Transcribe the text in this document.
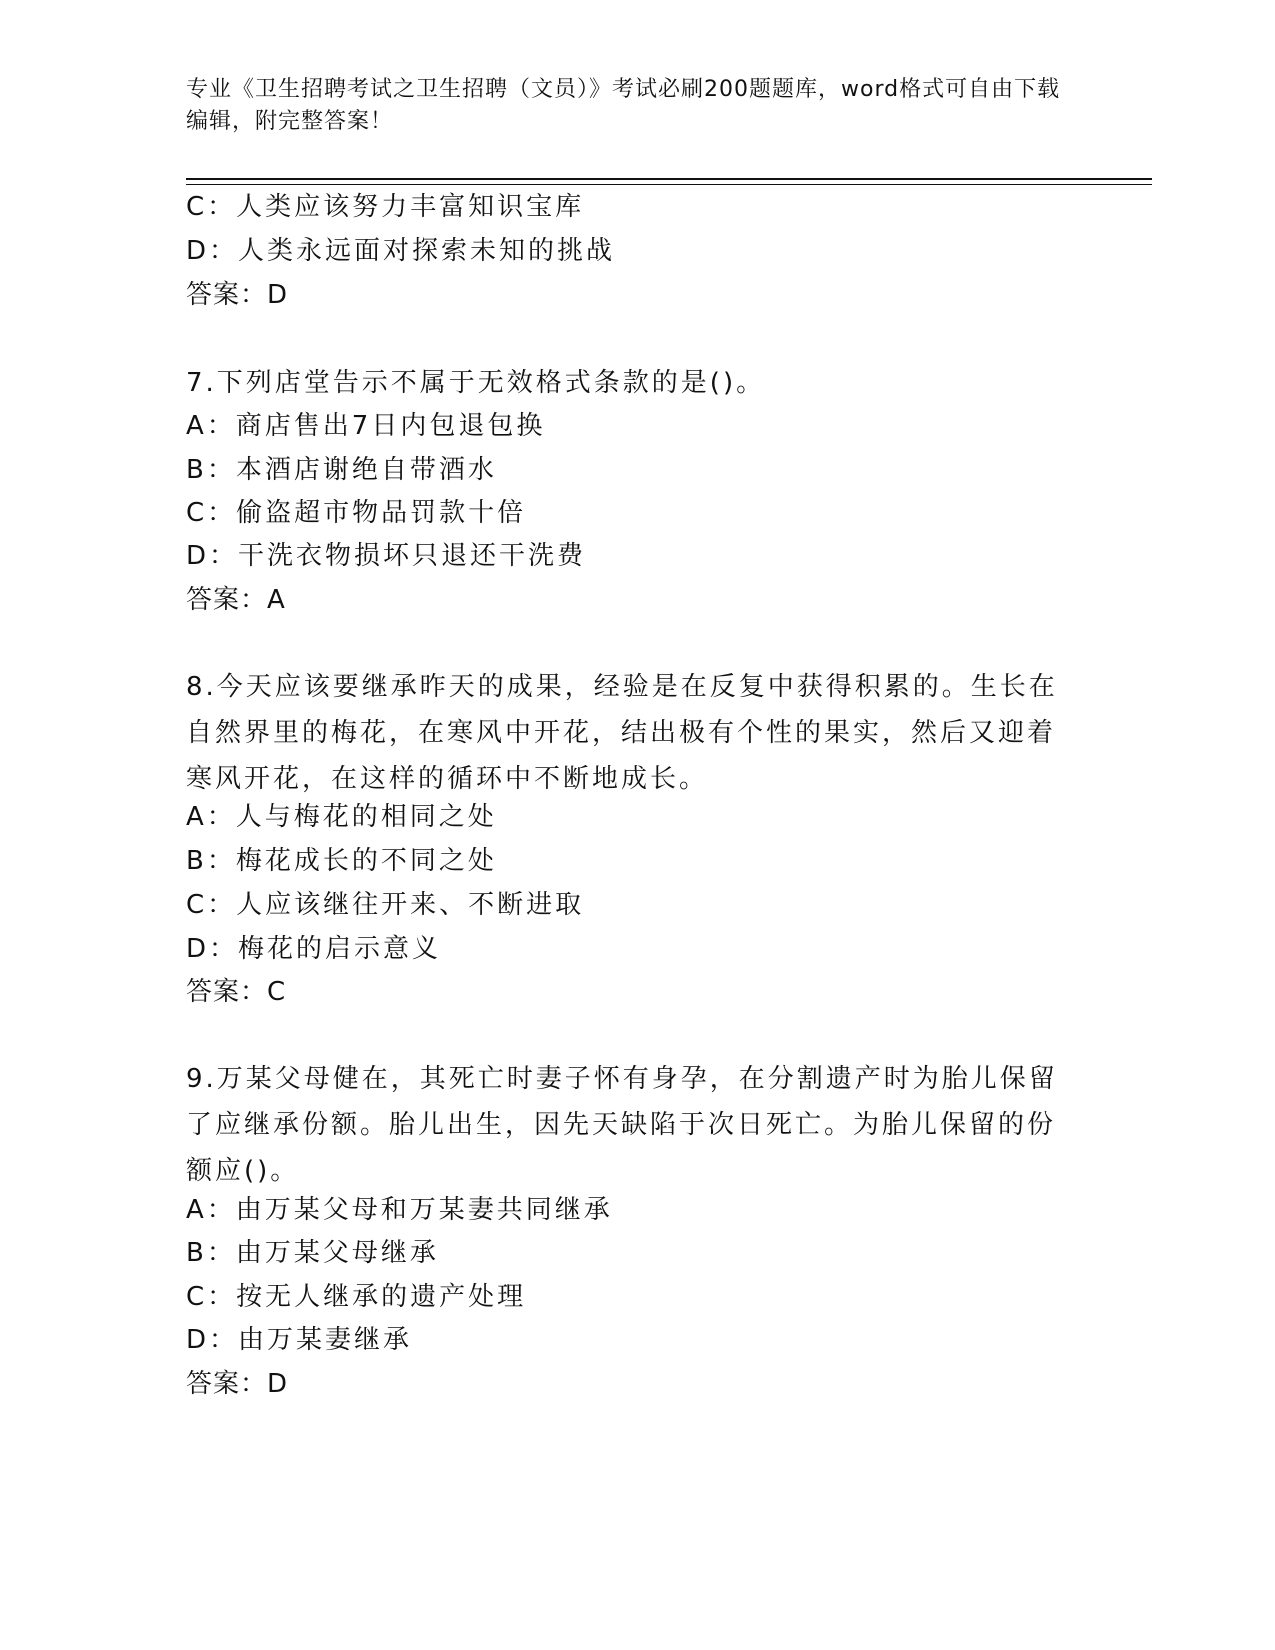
专业《卫生招聘考试之卫生招聘（文员）》考试必刷200题题库，word格式可自由下载编辑，附完整答案！
C：人类应该努力丰富知识宝库
D：人类永远面对探索未知的挑战
答案：D
7.下列店堂告示不属于无效格式条款的是()。
A：商店售出7日内包退包换
B：本酒店谢绝自带酒水
C：偷盗超市物品罚款十倍
D：干洗衣物损坏只退还干洗费
答案：A
8.今天应该要继承昨天的成果，经验是在反复中获得积累的。生长在自然界里的梅花，在寒风中开花，结出极有个性的果实，然后又迎着寒风开花，在这样的循环中不断地成长。
A：人与梅花的相同之处
B：梅花成长的不同之处
C：人应该继往开来、不断进取
D：梅花的启示意义
答案：C
9.万某父母健在，其死亡时妻子怀有身孕，在分割遗产时为胎儿保留了应继承份额。胎儿出生，因先天缺陷于次日死亡。为胎儿保留的份额应()。
A：由万某父母和万某妻共同继承
B：由万某父母继承
C：按无人继承的遗产处理
D：由万某妻继承
答案：D
